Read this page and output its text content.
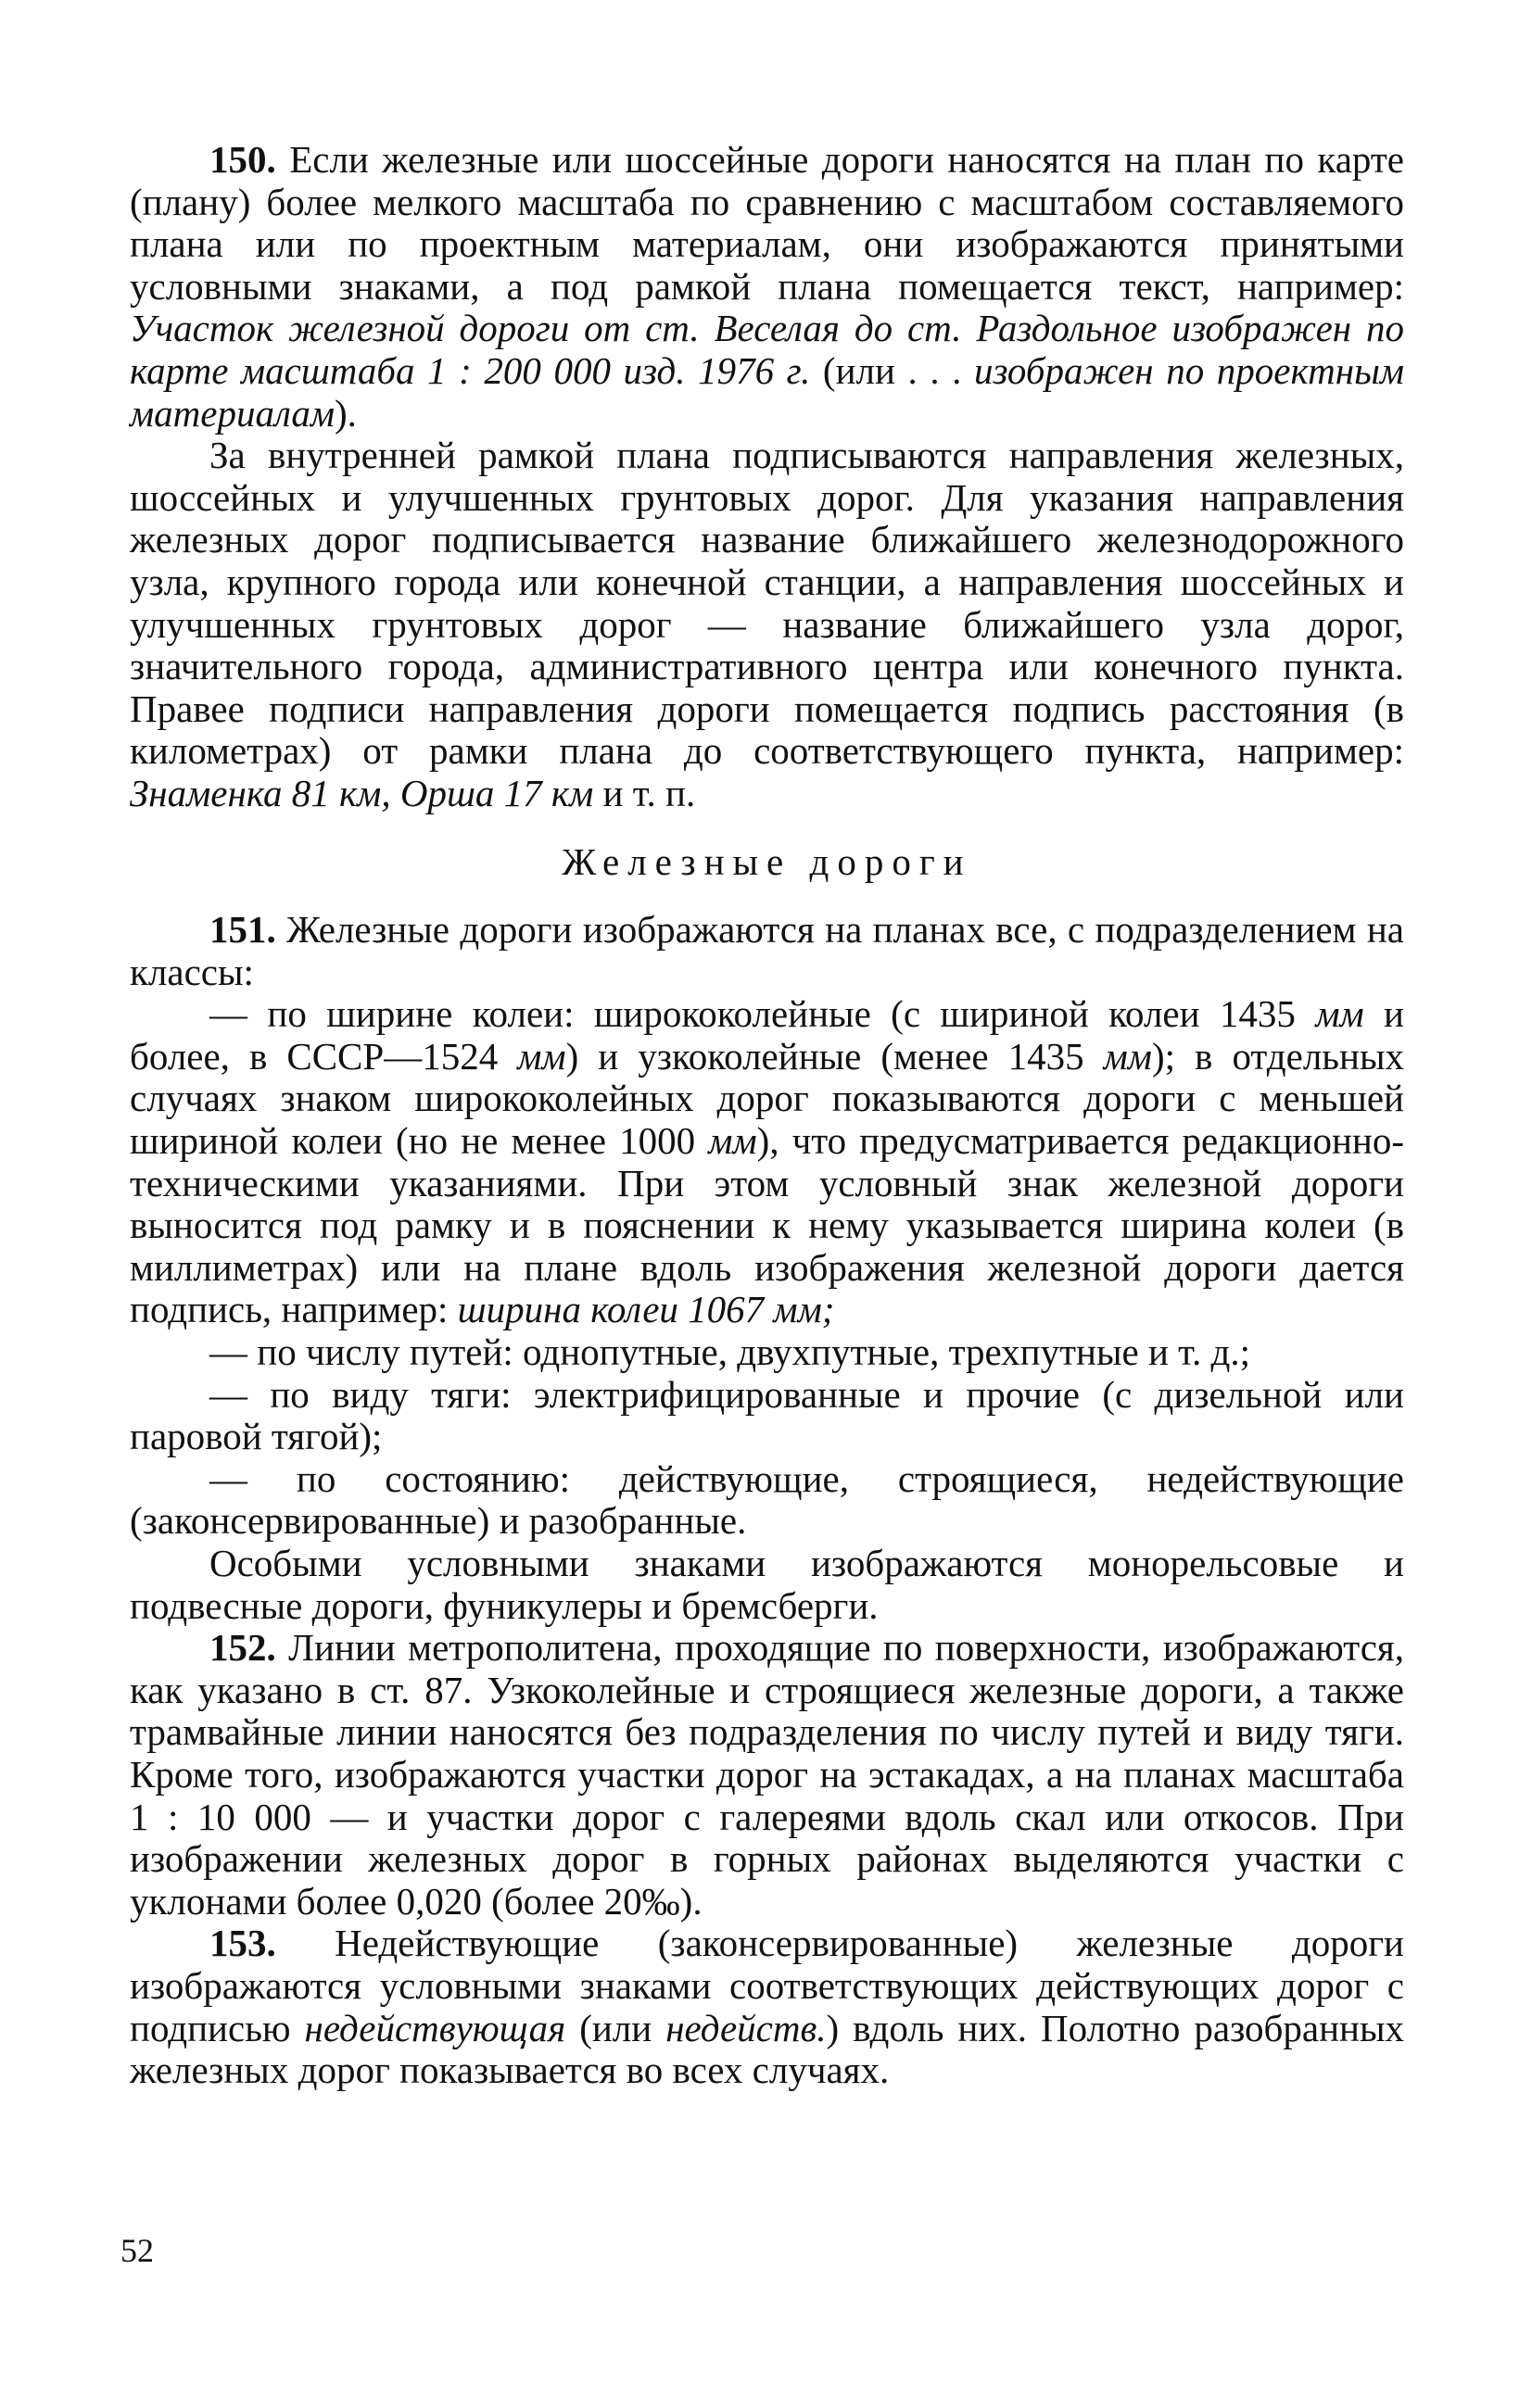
150. Если железные или шоссейные дороги наносятся на план по карте (плану) более мелкого масштаба по сравнению с масштабом составляемого плана или по проектным материалам, они изображаются принятыми условными знаками, а под рамкой плана помещается текст, например: Участок железной дороги от ст. Веселая до ст. Раздольное изображен по карте масштаба 1 : 200 000 изд. 1976 г. (или . . . изображен по проектным материалам).

За внутренней рамкой плана подписываются направления железных, шоссейных и улучшенных грунтовых дорог. Для указания направления железных дорог подписывается название ближайшего железнодорожного узла, крупного города или конечной станции, а направления шоссейных и улучшенных грунтовых дорог — название ближайшего узла дорог, значительного города, административного центра или конечного пункта. Правее подписи направления дороги помещается подпись расстояния (в километрах) от рамки плана до соответствующего пункта, например: Знаменка 81 км, Орша 17 км и т. п.

Железные дороги

151. Железные дороги изображаются на планах все, с подразделением на классы:

— по ширине колеи: ширококолейные (с шириной колеи 1435 мм и более, в СССР—1524 мм) и узкоколейные (менее 1435 мм); в отдельных случаях знаком ширококолейных дорог показываются дороги с меньшей шириной колеи (но не менее 1000 мм), что предусматривается редакционно-техническими указаниями. При этом условный знак железной дороги выносится под рамку и в пояснении к нему указывается ширина колеи (в миллиметрах) или на плане вдоль изображения железной дороги дается подпись, например: ширина колеи 1067 мм;

— по числу путей: однопутные, двухпутные, трехпутные и т. д.;

— по виду тяги: электрифицированные и прочие (с дизельной или паровой тягой);

— по состоянию: действующие, строящиеся, недействующие (законсервированные) и разобранные.

Особыми условными знаками изображаются монорельсовые и подвесные дороги, фуникулеры и бремсберги.

152. Линии метрополитена, проходящие по поверхности, изображаются, как указано в ст. 87. Узкоколейные и строящиеся железные дороги, а также трамвайные линии наносятся без подразделения по числу путей и виду тяги. Кроме того, изображаются участки дорог на эстакадах, а на планах масштаба 1 : 10 000 — и участки дорог с галереями вдоль скал или откосов. При изображении железных дорог в горных районах выделяются участки с уклонами более 0,020 (более 20‰).

153. Недействующие (законсервированные) железные дороги изображаются условными знаками соответствующих действующих дорог с подписью недействующая (или недейств.) вдоль них. Полотно разобранных железных дорог показывается во всех случаях.

52
